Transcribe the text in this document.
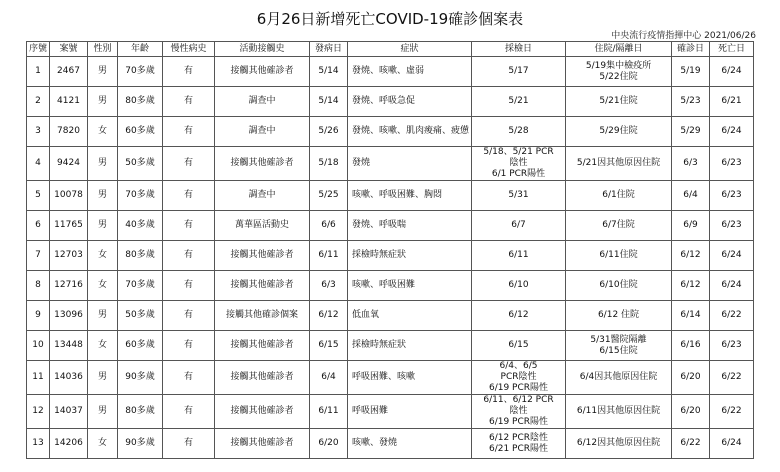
6月26日新增死亡COVID-19確診個案表
中央流行疫情指揮中心 2021/06/26
序號	案號	性別	年齡	慢性病史	活動接觸史	發病日	症狀	採檢日	住院/隔離日	確診日	死亡日
1	2467	男	70多歲	有	接觸其他確診者	5/14	發燒、咳嗽、虛弱	5/17	5/19集中檢疫所
5/22住院	5/19	6/24
2	4121	男	80多歲	有	調查中	5/14	發燒、呼吸急促	5/21	5/21住院	5/23	6/21
3	7820	女	60多歲	有	調查中	5/26	發燒、咳嗽、肌肉痠痛、疲憊	5/28	5/29住院	5/29	6/24
4	9424	男	50多歲	有	接觸其他確診者	5/18	發燒	5/18、5/21 PCR
陰性
6/1 PCR陽性	5/21因其他原因住院	6/3	6/23
5	10078	男	70多歲	有	調查中	5/25	咳嗽、呼吸困難、胸悶	5/31	6/1住院	6/4	6/23
6	11765	男	40多歲	有	萬華區活動史	6/6	發燒、呼吸喘	6/7	6/7住院	6/9	6/23
7	12703	女	80多歲	有	接觸其他確診者	6/11	採檢時無症狀	6/11	6/11住院	6/12	6/24
8	12716	女	70多歲	有	接觸其他確診者	6/3	咳嗽、呼吸困難	6/10	6/10住院	6/12	6/24
9	13096	男	50多歲	有	接觸其他確診個案	6/12	低血氧	6/12	6/12 住院	6/14	6/22
10	13448	女	60多歲	有	接觸其他確診者	6/15	採檢時無症狀	6/15	5/31醫院隔離
6/15住院	6/16	6/23
11	14036	男	90多歲	有	接觸其他確診者	6/4	呼吸困難、咳嗽	6/4、6/5
PCR陰性
6/19 PCR陽性	6/4因其他原因住院	6/20	6/22
12	14037	男	80多歲	有	接觸其他確診者	6/11	呼吸困難	6/11、6/12 PCR
陰性
6/19 PCR陽性	6/11因其他原因住院	6/20	6/22
13	14206	女	90多歲	有	接觸其他確診者	6/20	咳嗽、發燒	6/12 PCR陰性
6/21 PCR陽性	6/12因其他原因住院	6/22	6/24
